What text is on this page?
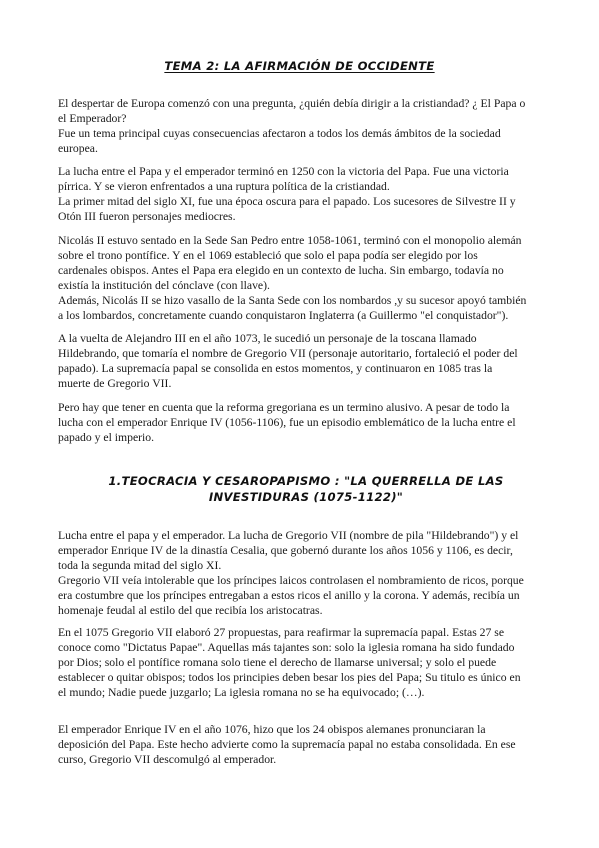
TEMA 2: LA AFIRMACIÓN DE OCCIDENTE

El despertar de Europa comenzó con una pregunta, ¿quién debía dirigir a la cristiandad? ¿ El Papa o
el Emperador?
Fue un tema principal cuyas consecuencias afectaron a todos los demás ámbitos de la sociedad
europea.

La lucha entre el Papa y el emperador terminó en 1250 con la victoria del Papa. Fue una victoria
pírrica. Y se vieron enfrentados a una ruptura política de la cristiandad.
La primer mitad del siglo XI, fue una época oscura para el papado. Los sucesores de Silvestre II y
Otón III fueron personajes mediocres.

Nicolás II estuvo sentado en la Sede San Pedro entre 1058-1061, terminó con el monopolio alemán
sobre el trono pontífice. Y en el 1069 estableció que solo el papa podía ser elegido por los
cardenales obispos. Antes el Papa era elegido en un contexto de lucha. Sin embargo, todavía no
existía la institución del cónclave (con llave).
Además, Nicolás II se hizo vasallo de la Santa Sede con los nombardos ,y su sucesor apoyó también
a los lombardos, concretamente cuando conquistaron Inglaterra (a Guillermo "el conquistador").

A la vuelta de Alejandro III en el año 1073, le sucedió un personaje de la toscana llamado
Hildebrando, que tomaría el nombre de Gregorio VII (personaje autoritario, fortaleció el poder del
papado). La supremacía papal se consolida en estos momentos, y continuaron en 1085 tras la
muerte de Gregorio VII.

Pero hay que tener en cuenta que la reforma gregoriana es un termino alusivo. A pesar de todo la
lucha con el emperador Enrique IV (1056-1106), fue un episodio emblemático de la lucha entre el
papado y el imperio.

1.TEOCRACIA Y CESAROPAPISMO : "LA QUERRELLA DE LAS
INVESTIDURAS (1075-1122)"

Lucha entre el papa y el emperador. La lucha de Gregorio VII (nombre de pila "Hildebrando") y el
emperador Enrique IV de la dinastía Cesalia, que gobernó durante los años 1056 y 1106, es decir,
toda la segunda mitad del siglo XI.
Gregorio VII veía intolerable que los príncipes laicos controlasen el nombramiento de ricos, porque
era costumbre que los príncipes entregaban a estos ricos el anillo y la corona. Y además, recibía un
homenaje feudal al estilo del que recibía los aristocatras.

En el 1075 Gregorio VII elaboró 27 propuestas, para reafirmar la supremacía papal. Estas 27 se
conoce como "Dictatus Papae". Aquellas más tajantes son: solo la iglesia romana ha sido fundado
por Dios; solo el pontífice romana solo tiene el derecho de llamarse universal; y solo el puede
establecer o quitar obispos; todos los principies deben besar los pies del Papa; Su titulo es único en
el mundo; Nadie puede juzgarlo; La iglesia romana no se ha equivocado; (…).

El emperador Enrique IV en el año 1076, hizo que los 24 obispos alemanes pronunciaran la
deposición del Papa. Este hecho advierte como la supremacía papal no estaba consolidada. En ese
curso, Gregorio VII descomulgó al emperador.
